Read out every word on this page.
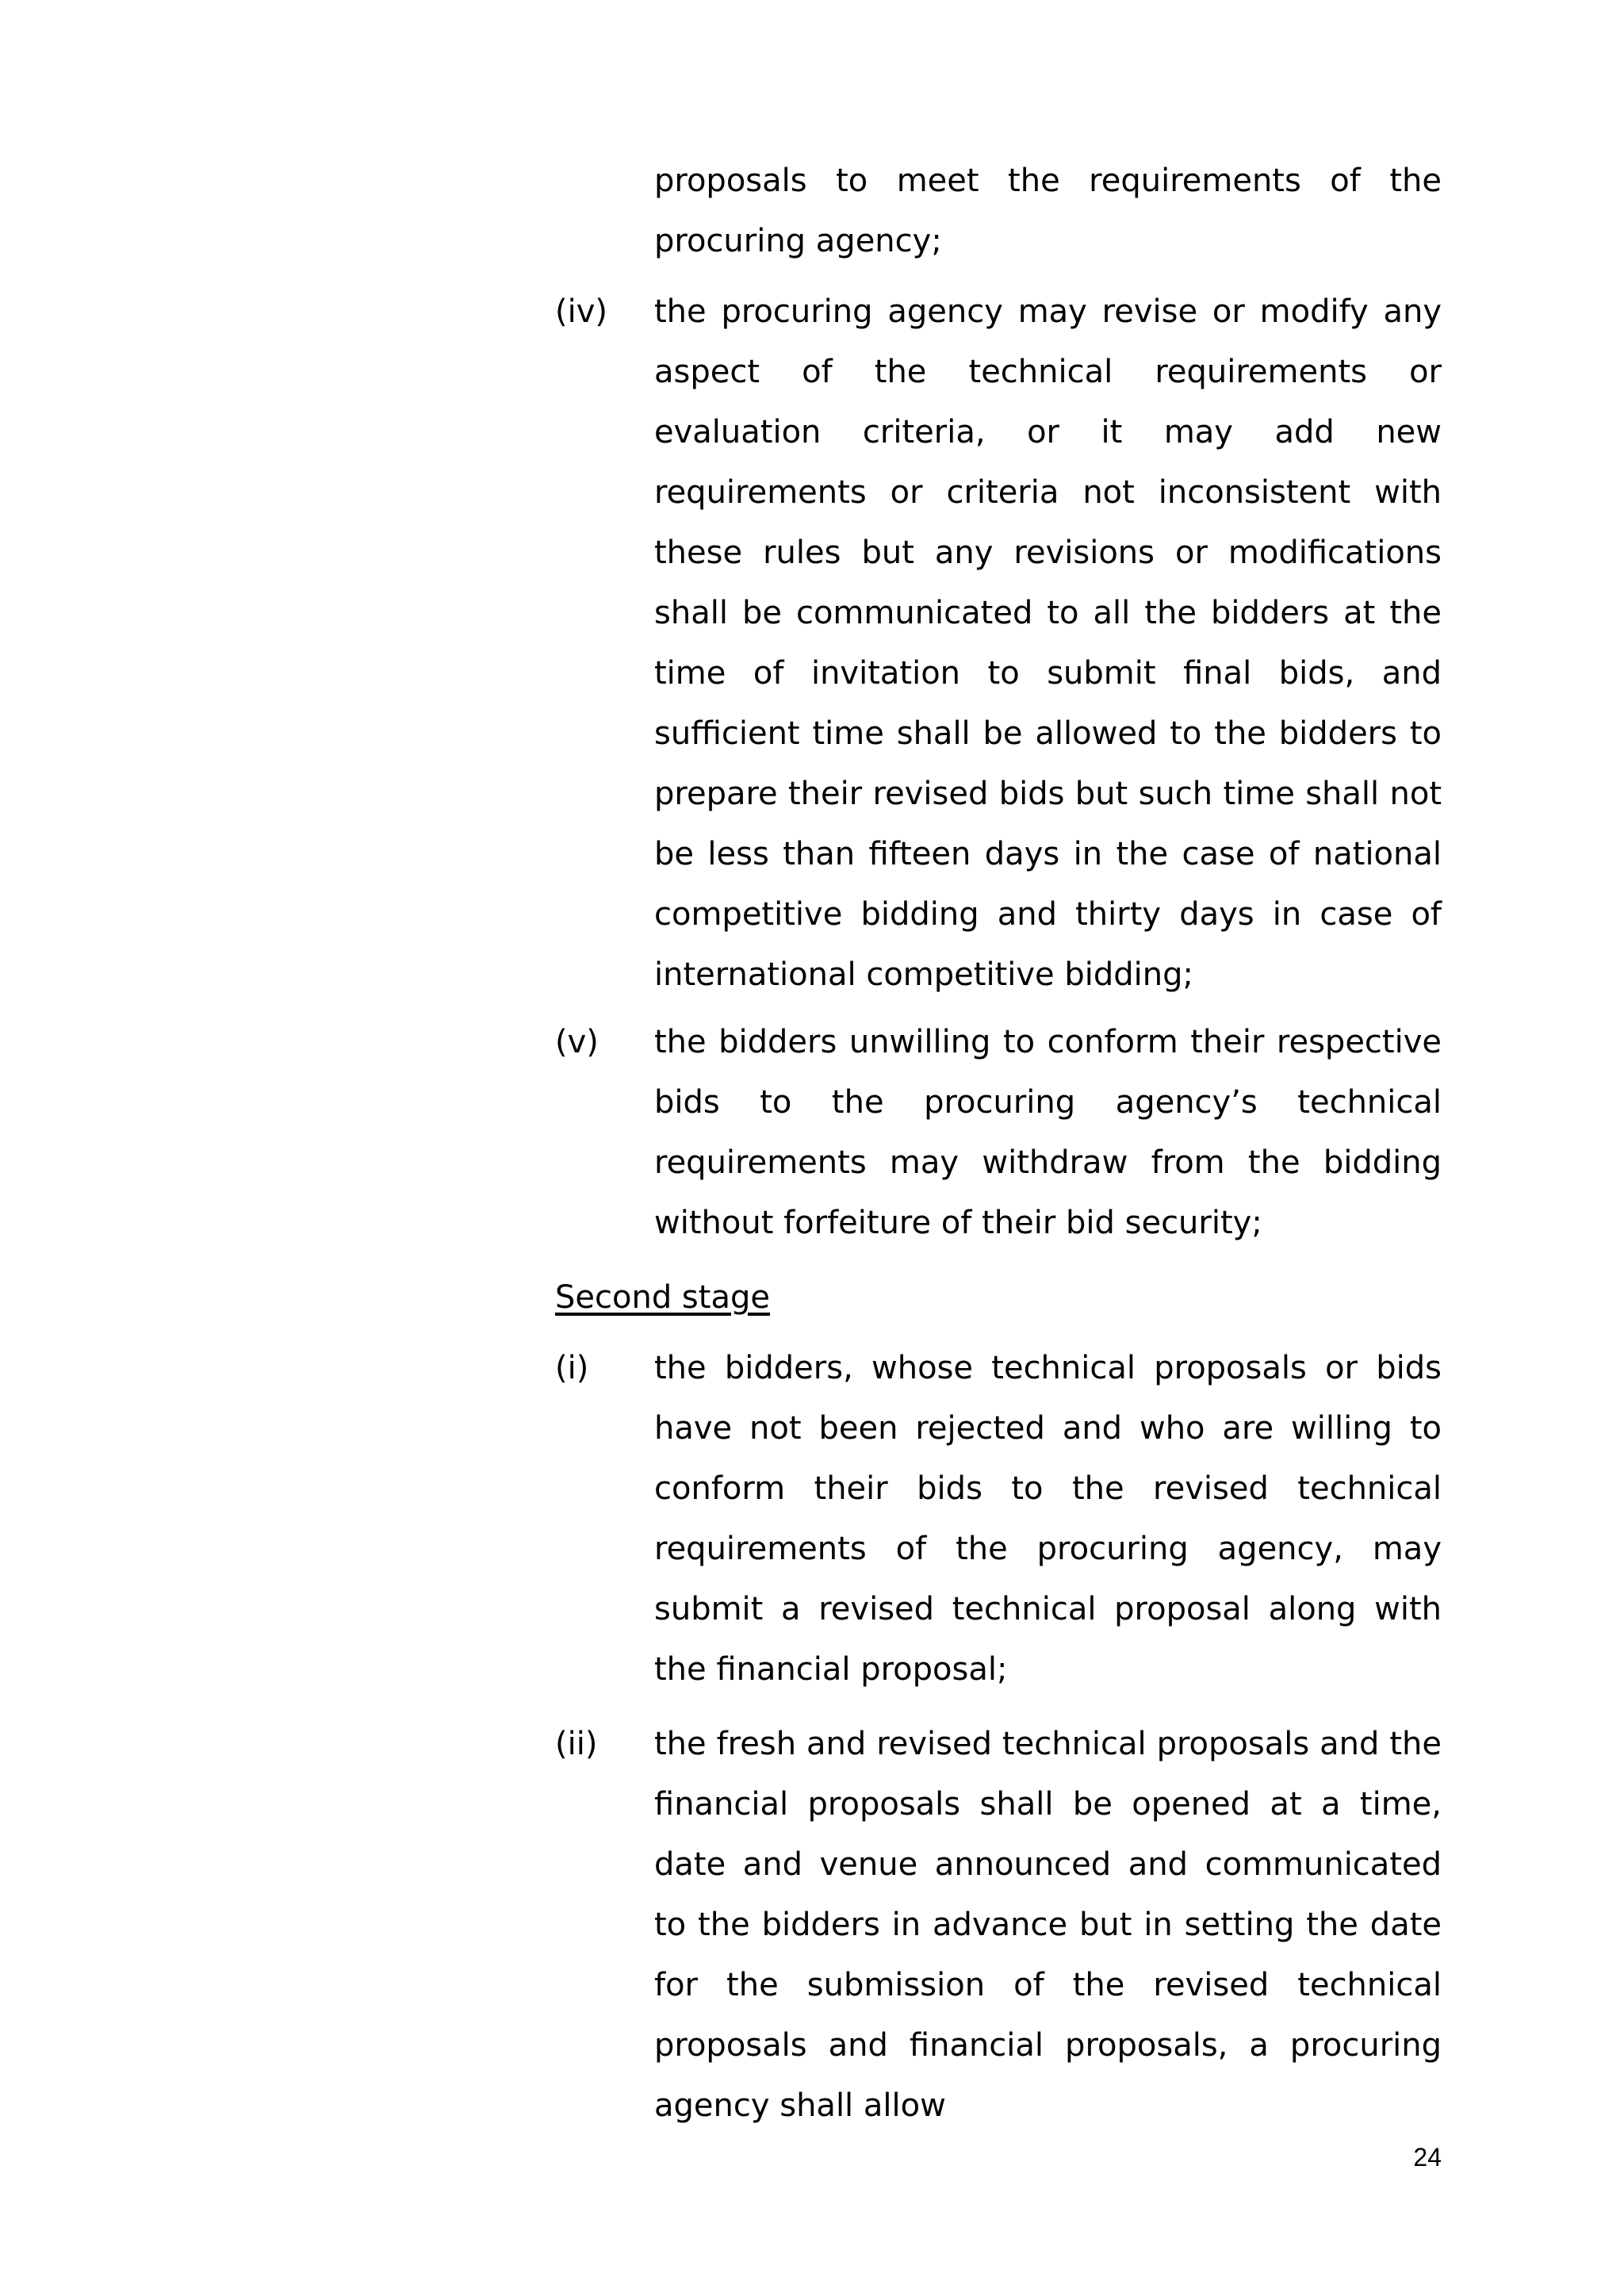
proposals to meet the requirements of the procuring agency;
(iv) the procuring agency may revise or modify any aspect of the technical requirements or evaluation criteria, or it may add new requirements or criteria not inconsistent with these rules but any revisions or modifications shall be communicated to all the bidders at the time of invitation to submit final bids, and sufficient time shall be allowed to the bidders to prepare their revised bids but such time shall not be less than fifteen days in the case of national competitive bidding and thirty days in case of international competitive bidding;
(v) the bidders unwilling to conform their respective bids to the procuring agency’s technical requirements may withdraw from the bidding without forfeiture of their bid security;
Second stage
(i) the bidders, whose technical proposals or bids have not been rejected and who are willing to conform their bids to the revised technical requirements of the procuring agency, may submit a revised technical proposal along with the financial proposal;
(ii) the fresh and revised technical proposals and the financial proposals shall be opened at a time, date and venue announced and communicated to the bidders in advance but in setting the date for the submission of the revised technical proposals and financial proposals, a procuring agency shall allow
24
